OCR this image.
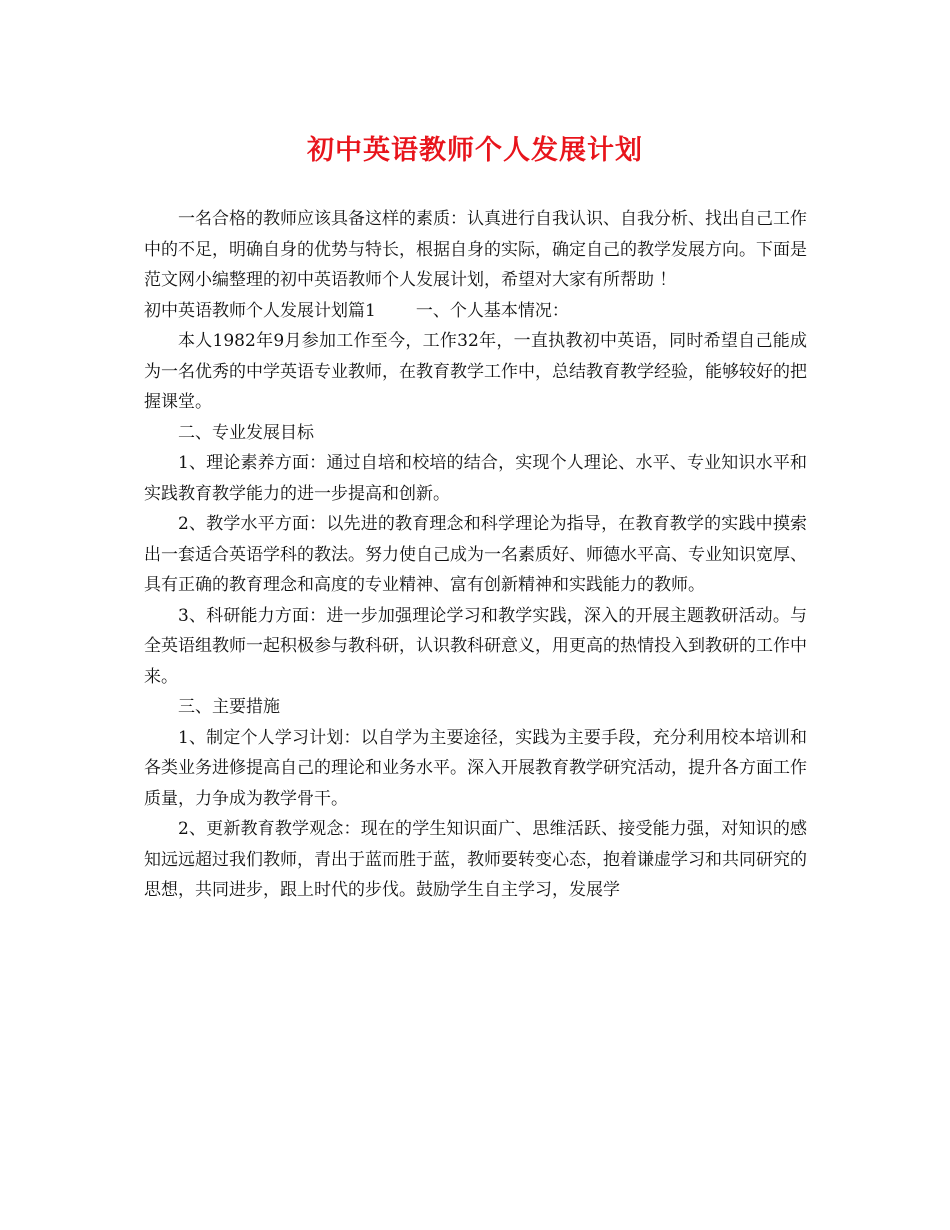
初中英语教师个人发展计划

一名合格的教师应该具备这样的素质：认真进行自我认识、自我分析、找出自己工作中的不足，明确自身的优势与特长，根据自身的实际，确定自己的教学发展方向。下面是范文网小编整理的初中英语教师个人发展计划，希望对大家有所帮助 ！

初中英语教师个人发展计划篇1 一、个人基本情况：

本人1982年9月参加工作至今，工作32年，一直执教初中英语，同时希望自己能成为一名优秀的中学英语专业教师，在教育教学工作中，总结教育教学经验，能够较好的把握课堂。

二、专业发展目标

1、理论素养方面：通过自培和校培的结合，实现个人理论、水平、专业知识水平和实践教育教学能力的进一步提高和创新。

2、教学水平方面：以先进的教育理念和科学理论为指导，在教育教学的实践中摸索出一套适合英语学科的教法。努力使自己成为一名素质好、师德水平高、专业知识宽厚、具有正确的教育理念和高度的专业精神、富有创新精神和实践能力的教师。

3、科研能力方面：进一步加强理论学习和教学实践，深入的开展主题教研活动。与全英语组教师一起积极参与教科研，认识教科研意义，用更高的热情投入到教研的工作中来。

三、主要措施

1、制定个人学习计划：以自学为主要途径，实践为主要手段，充分利用校本培训和各类业务进修提高自己的理论和业务水平。深入开展教育教学研究活动，提升各方面工作质量，力争成为教学骨干。

2、更新教育教学观念：现在的学生知识面广、思维活跃、接受能力强，对知识的感知远远超过我们教师，青出于蓝而胜于蓝，教师要转变心态，抱着谦虚学习和共同研究的思想，共同进步，跟上时代的步伐。鼓励学生自主学习，发展学
